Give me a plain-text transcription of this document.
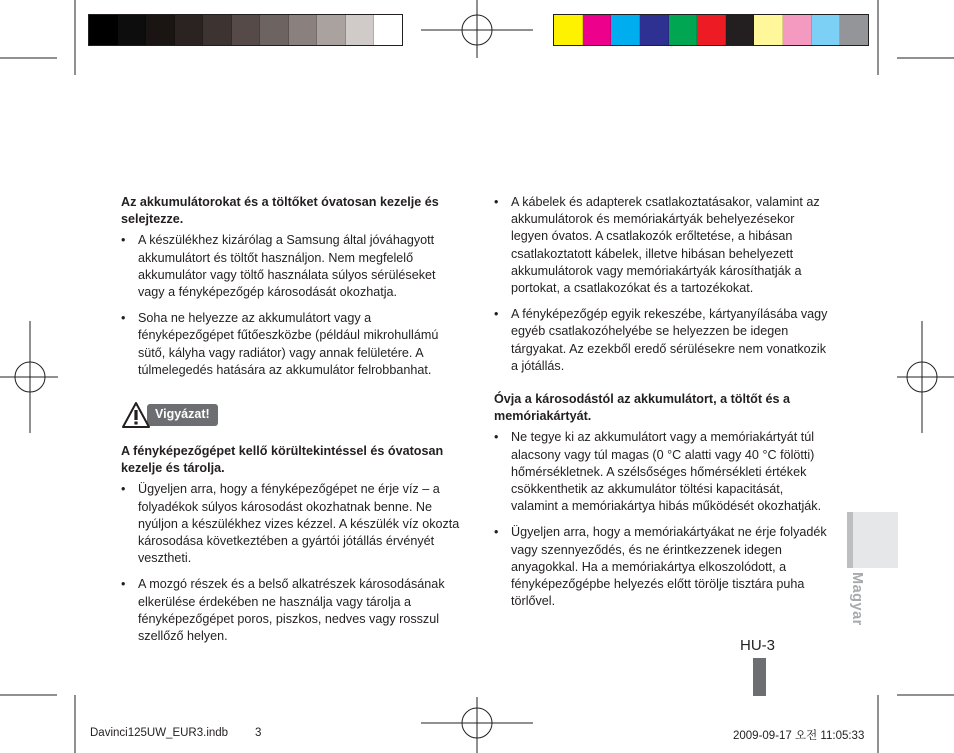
Az akkumulátorokat és a töltőket óvatosan kezelje és selejtezze.

• A készülékhez kizárólag a Samsung által jóváhagyott akkumulátort és töltőt használjon. Nem megfelelő akkumulátor vagy töltő használata súlyos sérüléseket vagy a fényképezőgép károsodását okozhatja.
• Soha ne helyezze az akkumulátort vagy a fényképezőgépet fűtőeszközbe (például mikrohullámú sütő, kályha vagy radiátor) vagy annak felületére. A túlmelegedés hatására az akkumulátor felrobbanhat.
Vigyázat!

A fényképezőgépet kellő körültekintéssel és óvatosan kezelje és tárolja.

• Ügyeljen arra, hogy a fényképezőgépet ne érje víz – a folyadékok súlyos károsodást okozhatnak benne. Ne nyúljon a készülékhez vizes kézzel. A készülék víz okozta károsodása következtében a gyártói jótállás érvényét vesztheti.
• A mozgó részek és a belső alkatrészek károsodásának elkerülése érdekében ne használja vagy tárolja a fényképezőgépet poros, piszkos, nedves vagy rosszul szellőző helyen.
• A kábelek és adapterek csatlakoztatásakor, valamint az akkumulátorok és memóriakártyák behelyezésekor legyen óvatos. A csatlakozók erőltetése, a hibásan csatlakoztatott kábelek, illetve hibásan behelyezett akkumulátorok vagy memóriakártyák károsíthatják a portokat, a csatlakozókat és a tartozékokat.
• A fényképezőgép egyik rekeszébe, kártyanyílásába vagy egyéb csatlakozóhelyébe se helyezzen be idegen tárgyakat. Az ezekből eredő sérülésekre nem vonatkozik a jótállás.

Óvja a károsodástól az akkumulátort, a töltőt és a memóriakártyát.

• Ne tegye ki az akkumulátort vagy a memóriakártyát túl alacsony vagy túl magas (0 °C alatti vagy 40 °C fölötti) hőmérsékletnek. A szélsőséges hőmérsékleti értékek csökkenthetik az akkumulátor töltési kapacitását, valamint a memóriakártya hibás működését okozhatják.
• Ügyeljen arra, hogy a memóriakártyákat ne érje folyadék vagy szennyeződés, és ne érintkezzenek idegen anyagokkal. Ha a memóriakártya elkoszolódott, a fényképezőgépbe helyezés előtt törölje tisztára puha törlővel.	Magyar
HU-3
Davinci125UW_EUR3.indb 3	2009-09-17 오전 11:05:33
